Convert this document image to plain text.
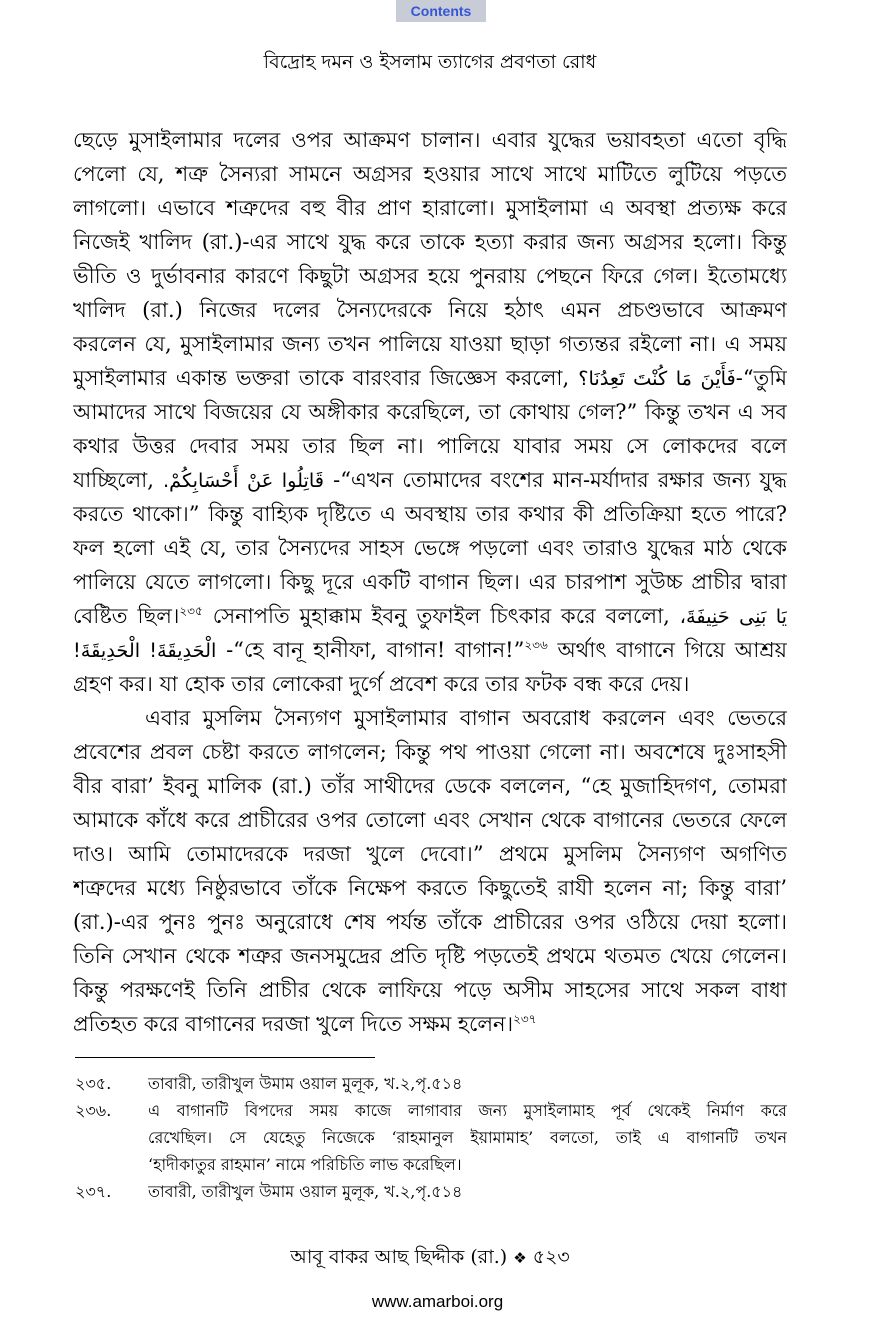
Contents
বিদ্রোহ দমন ও ইসলাম ত্যাগের প্রবণতা রোধ
ছেড়ে মুসাইলামার দলের ওপর আক্রমণ চালান। এবার যুদ্ধের ভয়াবহতা এতো বৃদ্ধি
পেলো যে, শত্রু সৈন্যরা সামনে অগ্রসর হওয়ার সাথে সাথে মাটিতে লুটিয়ে পড়তে
লাগলো। এভাবে শত্রুদের বহু বীর প্রাণ হারালো। মুসাইলামা এ অবস্থা প্রত্যক্ষ করে
নিজেই খালিদ (রা.)-এর সাথে যুদ্ধ করে তাকে হত্যা করার জন্য অগ্রসর হলো। কিন্তু
ভীতি ও দুর্ভাবনার কারণে কিছুটা অগ্রসর হয়ে পুনরায় পেছনে ফিরে গেল। ইতোমধ্যে
খালিদ (রা.) নিজের দলের সৈন্যদেরকে নিয়ে হঠাৎ এমন প্রচণ্ডভাবে আক্রমণ
করলেন যে, মুসাইলামার জন্য তখন পালিয়ে যাওয়া ছাড়া গত্যন্তর রইলো না। এ সময়
মুসাইলামার একান্ত ভক্তরা তাকে বারংবার জিজ্ঞেস করলো, فَأَيْنَ مَا كُنْتَ تَعِدُنَا؟-“তুমি
আমাদের সাথে বিজয়ের যে অঙ্গীকার করেছিলে, তা কোথায় গেল?” কিন্তু তখন এ সব
কথার উত্তর দেবার সময় তার ছিল না। পালিয়ে যাবার সময় সে লোকদের বলে
যাচ্ছিলো, قَاتِلُوا عَنْ أَحْسَابِكُمْ. -“এখন তোমাদের বংশের মান-মর্যাদার রক্ষার জন্য যুদ্ধ
করতে থাকো।” কিন্তু বাহ্যিক দৃষ্টিতে এ অবস্থায় তার কথার কী প্রতিক্রিয়া হতে পারে?
ফল হলো এই যে, তার সৈন্যদের সাহস ভেঙ্গে পড়লো এবং তারাও যুদ্ধের মাঠ থেকে
পালিয়ে যেতে লাগলো। কিছু দূরে একটি বাগান ছিল। এর চারপাশ সুউচ্চ প্রাচীর দ্বারা
বেষ্টিত ছিল।$^{২৩৫}$ সেনাপতি মুহাক্কাম ইবনু তুফাইল চিৎকার করে বললো, يَا بَنِى حَنِيفَةَ،
الْحَدِيقَةَ! الْحَدِيقَةَ! -“হে বানূ হানীফা, বাগান! বাগান!”$^{২৩৬}$ অর্থাৎ বাগানে গিয়ে আশ্রয়
গ্রহণ কর। যা হোক তার লোকেরা দুর্গে প্রবেশ করে তার ফটক বন্ধ করে দেয়।
এবার মুসলিম সৈন্যগণ মুসাইলামার বাগান অবরোধ করলেন এবং ভেতরে
প্রবেশের প্রবল চেষ্টা করতে লাগলেন; কিন্তু পথ পাওয়া গেলো না। অবশেষে দুঃসাহসী
বীর বারা’ ইবনু মালিক (রা.) তাঁর সাথীদের ডেকে বললেন, “হে মুজাহিদগণ, তোমরা
আমাকে কাঁধে করে প্রাচীরের ওপর তোলো এবং সেখান থেকে বাগানের ভেতরে ফেলে
দাও। আমি তোমাদেরকে দরজা খুলে দেবো।” প্রথমে মুসলিম সৈন্যগণ অগণিত
শত্রুদের মধ্যে নিষ্ঠুরভাবে তাঁকে নিক্ষেপ করতে কিছুতেই রাযী হলেন না; কিন্তু বারা’
(রা.)-এর পুনঃ পুনঃ অনুরোধে শেষ পর্যন্ত তাঁকে প্রাচীরের ওপর ওঠিয়ে দেয়া হলো।
তিনি সেখান থেকে শত্রুর জনসমুদ্রের প্রতি দৃষ্টি পড়তেই প্রথমে থতমত খেয়ে গেলেন।
কিন্তু পরক্ষণেই তিনি প্রাচীর থেকে লাফিয়ে পড়ে অসীম সাহসের সাথে সকল বাধা
প্রতিহত করে বাগানের দরজা খুলে দিতে সক্ষম হলেন।$^{২৩৭}$
২৩৫.	তাবারী, তারীখুল উমাম ওয়াল মুলূক, খ.২,পৃ.৫১৪
২৩৬.	এ বাগানটি বিপদের সময় কাজে লাগাবার জন্য মুসাইলামাহ পূর্ব থেকেই নির্মাণ করে
রেখেছিল। সে যেহেতু নিজেকে ‘রাহমানুল ইয়ামামাহ’ বলতো, তাই এ বাগানটি তখন
‘হাদীকাতুর রাহমান’ নামে পরিচিতি লাভ করেছিল।
২৩৭.	তাবারী, তারীখুল উমাম ওয়াল মুলূক, খ.২,পৃ.৫১৪
আবূ বাকর আছ ছিদ্দীক (রা.) ❖ ৫২৩
www.amarboi.org
